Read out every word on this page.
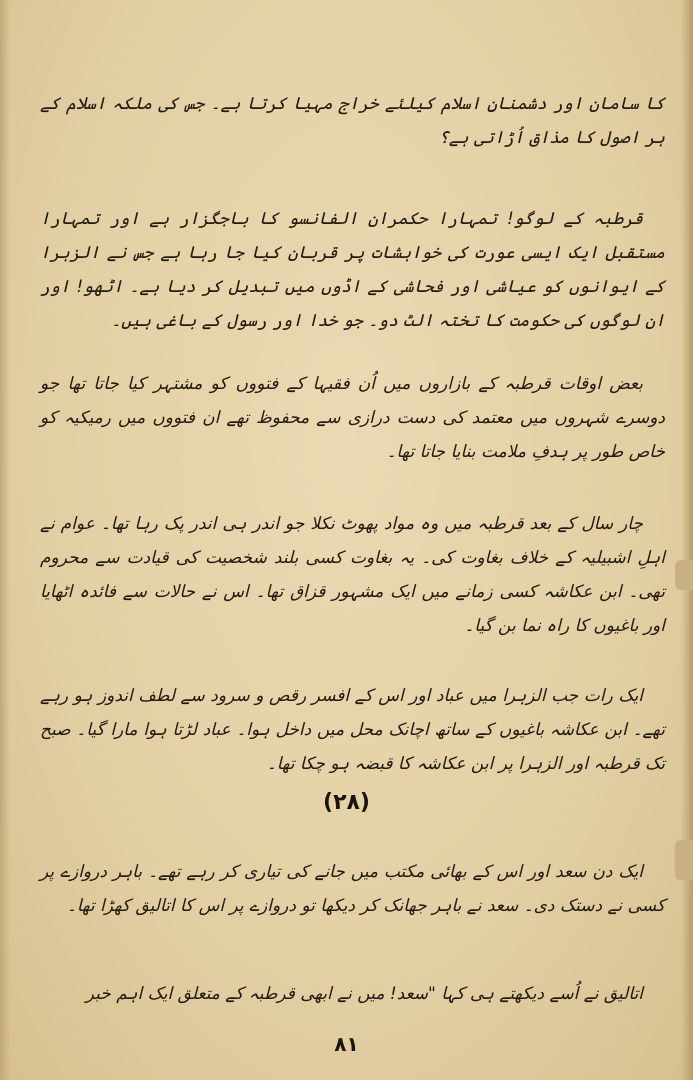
کا سامان اور دشمنانِ اسلام کیلئے خراج مہیا کرتا ہے۔ جس کی ملکہ اسلام کے ہر اصول کا مذاق اُڑاتی ہے؟

قرطبہ کے لوگو! تمہارا حکمران الفانسو کا باجگزار ہے اور تمہارا مستقبل ایک ایسی عورت کی خواہشات پر قربان کیا جا رہا ہے جس نے الزہرا کے ایوانوں کو عیاشی اور فحاشی کے اڈوں میں تبدیل کر دیا ہے۔ اٹھو! اور ان لوگوں کی حکومت کا تختہ الٹ دو۔ جو خدا اور رسول کے باغی ہیں۔

بعض اوقات قرطبہ کے بازاروں میں اُن فقیہا کے فتووں کو مشتہر کیا جاتا تھا جو دوسرے شہروں میں معتمد کی دست درازی سے محفوظ تھے ان فتووں میں رمیکیہ کو خاص طور پر ہدفِ ملامت بنایا جاتا تھا۔

چار سال کے بعد قرطبہ میں وہ مواد پھوٹ نکلا جو اندر ہی اندر پک رہا تھا۔ عوام نے اہلِ اشبیلیہ کے خلاف بغاوت کی۔ یہ بغاوت کسی بلند شخصیت کی قیادت سے محروم تھی۔ ابن عکاشہ کسی زمانے میں ایک مشہور قزاق تھا۔ اس نے حالات سے فائدہ اٹھایا اور باغیوں کا راہ نما بن گیا۔

ایک رات جب الزہرا میں عباد اور اس کے افسر رقص و سرود سے لطف اندوز ہو رہے تھے۔ ابن عکاشہ باغیوں کے ساتھ اچانک محل میں داخل ہوا۔ عباد لڑتا ہوا مارا گیا۔ صبح تک قرطبہ اور الزہرا پر ابن عکاشہ کا قبضہ ہو چکا تھا۔

(۲۸)

ایک دن سعد اور اس کے بھائی مکتب میں جانے کی تیاری کر رہے تھے۔ باہر دروازے پر کسی نے دستک دی۔ سعد نے باہر جھانک کر دیکھا تو دروازے پر اس کا اتالیق کھڑا تھا۔

اتالیق نے اُسے دیکھتے ہی کہا "سعد! میں نے ابھی قرطبہ کے متعلق ایک اہم خبر

۸۱
